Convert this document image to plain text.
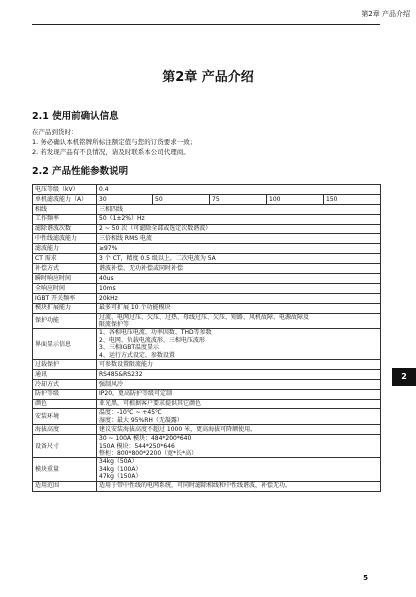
第2章 产品介绍
第2章 产品介绍
2.1 使用前确认信息
在产品到货时：
1. 务必确认本机铭牌所标注额定值与您的订货要求一致；
2. 若发现产品有不良情况，请及时联系本公司代理商。
2.2 产品性能参数说明
电压等级（kV）	0.4				
单机滤波能力（A）	30	50	75	100	150
相线	三相四线				
工作频率	50（1±2%）Hz				
滤除谐波次数	2 ~ 50 次（可滤除全部或选定次数谐波）				
中性线滤波能力	三倍相线 RMS 电流				
滤波能力	≥97%				
CT 需求	3 个 CT，精度 0.5 级以上，二次电流为 5A				
补偿方式	谐波补偿、无功补偿或同时补偿				
瞬时响应时间	40us				
全响应时间	10ms				
IGBT 开关频率	20kHz				
模块扩展能力	最多可扩展 10 个功能模块				
保护功能	过流、电网过压、欠压、过热、母线过压、欠压、短路、风机故障、电源故障及
限流保护等				

界面显示信息	1、各相电压电流、功率因数、THD等参数
2、电网、负载电流波形、三相电压波形
3、三相IGBT温度显示
4、运行方式设定、参数设置				

过载保护	可参数设置限流能力				
通讯	RS485&RS232				
冷却方式	强制风冷				
防护等级	IP20，更高防护等级可定制				
颜色	亚光黑，可根据客户要求提供其它颜色				
安装环境	温度：-10℃ ~ +45℃
湿度：最大 95%RH（无凝露）				

海拔高度	建议安装海拔高度不超过 1000 米，更高海拔可降额使用。				
设备尺寸	30 ~ 100A 模块：484*200*640
150A 模块：544*250*646
整柜：800*800*2200（宽*长*高）				

模块重量	34kg（50A）
34kg（100A）
47kg（150A）				

适用范围	适用于带中性线的电网系统，可同时滤除相线和中性线谐波，补偿无功。				
2
5
